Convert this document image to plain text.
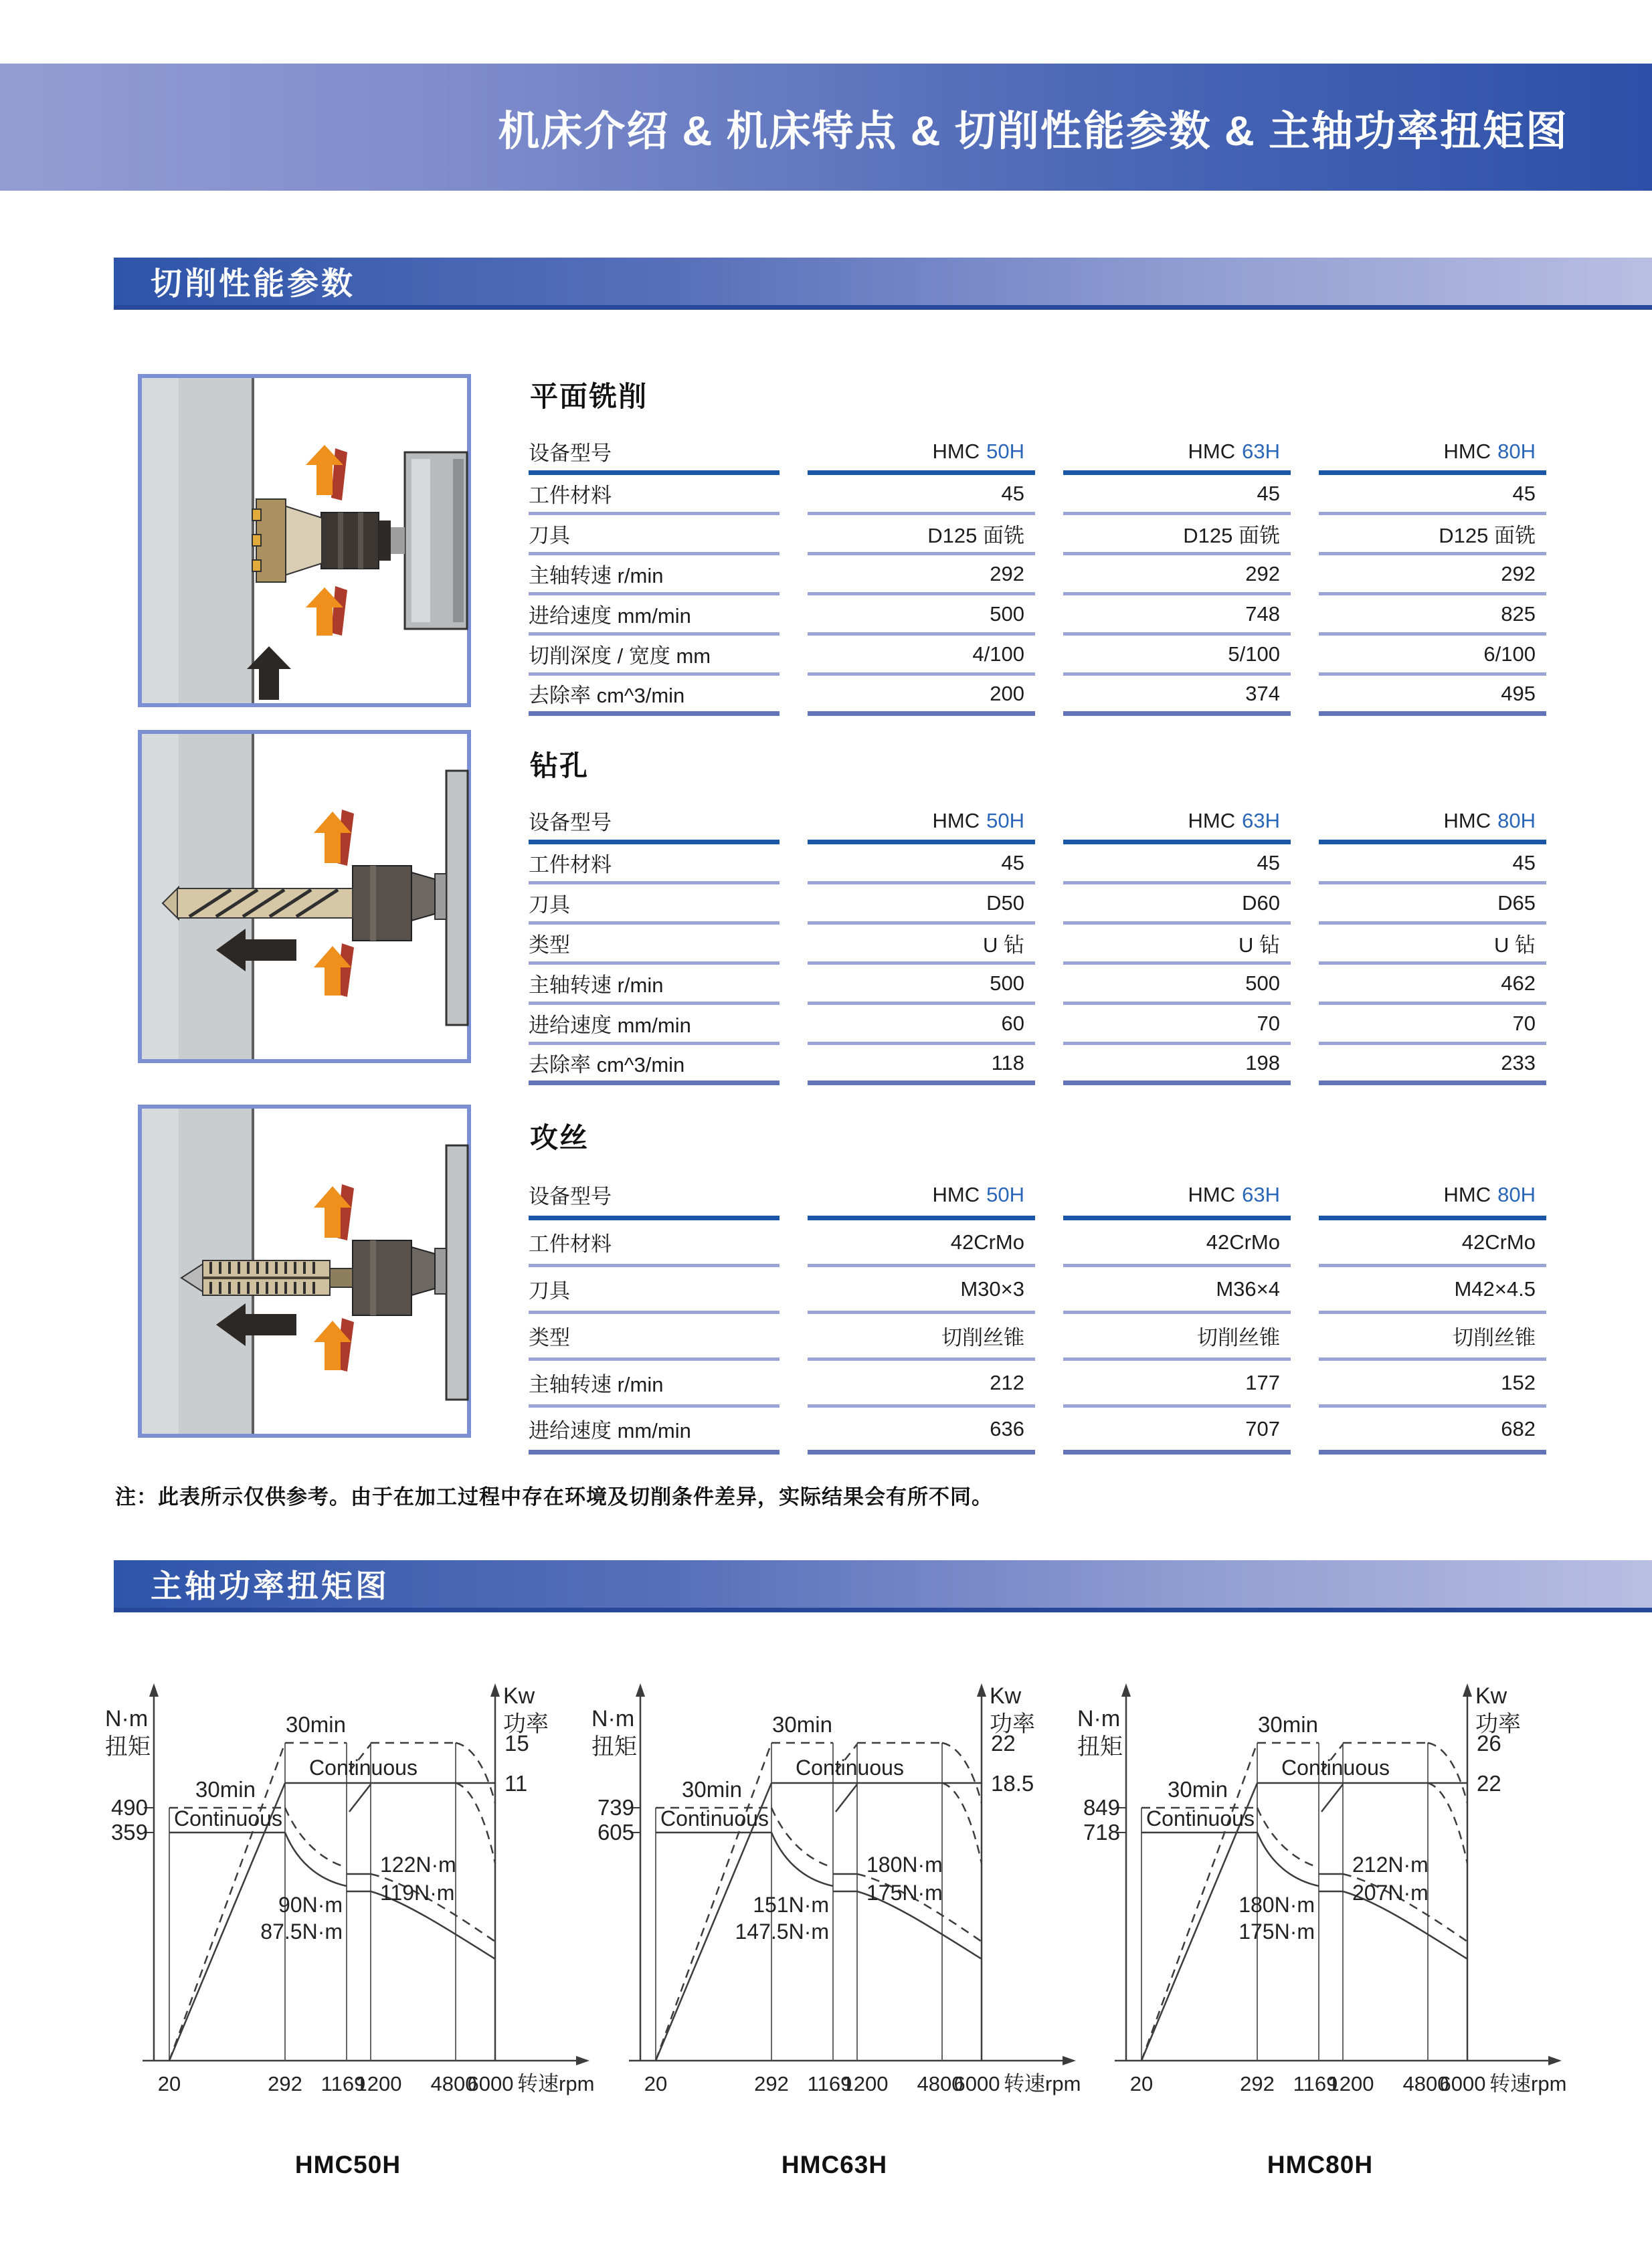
机床介绍 & 机床特点 & 切削性能参数 & 主轴功率扭矩图
切削性能参数
平面铣削
设备型号	HMC 50H	HMC 63H	HMC 80H
工件材料	45	45	45
刀具	D125 面铣	D125 面铣	D125 面铣
主轴转速 r/min	292	292	292
进给速度 mm/min	500	748	825
切削深度 / 宽度 mm	4/100	5/100	6/100
去除率 cm^3/min	200	374	495
钻孔
设备型号	HMC 50H	HMC 63H	HMC 80H
工件材料	45	45	45
刀具	D50	D60	D65
类型	U 钻	U 钻	U 钻
主轴转速 r/min	500	500	462
进给速度 mm/min	60	70	70
去除率 cm^3/min	118	198	233
攻丝
设备型号	HMC 50H	HMC 63H	HMC 80H
工件材料	42CrMo	42CrMo	42CrMo
刀具	M30×3	M36×4	M42×4.5
类型	切削丝锥	切削丝锥	切削丝锥
主轴转速 r/min	212	177	152
进给速度 mm/min	636	707	682
注：此表所示仅供参考。由于在加工过程中存在环境及切削条件差异，实际结果会有所不同。
主轴功率扭矩图
N·m
扭矩
Kw
功率
15
11
490
359
30min
Continuous
30min
Continuous
122N·m
119N·m
90N·m
87.5N·m
20	292 1169
1200 4800
6000 转速rpm
N·m
扭矩
Kw
功率
22
18.5
739
605
30min
Continuous
30min
Continuous
180N·m
175N·m
151N·m
147.5N·m
20	292 1169
1200 4800
6000 转速rpm
N·m
扭矩
Kw
功率
26
22
849
718
30min
Continuous
30min
Continuous
212N·m
207N·m
180N·m
175N·m
20	292 1169
1200 4800
6000 转速rpm
HMC50H	HMC63H	HMC80H
